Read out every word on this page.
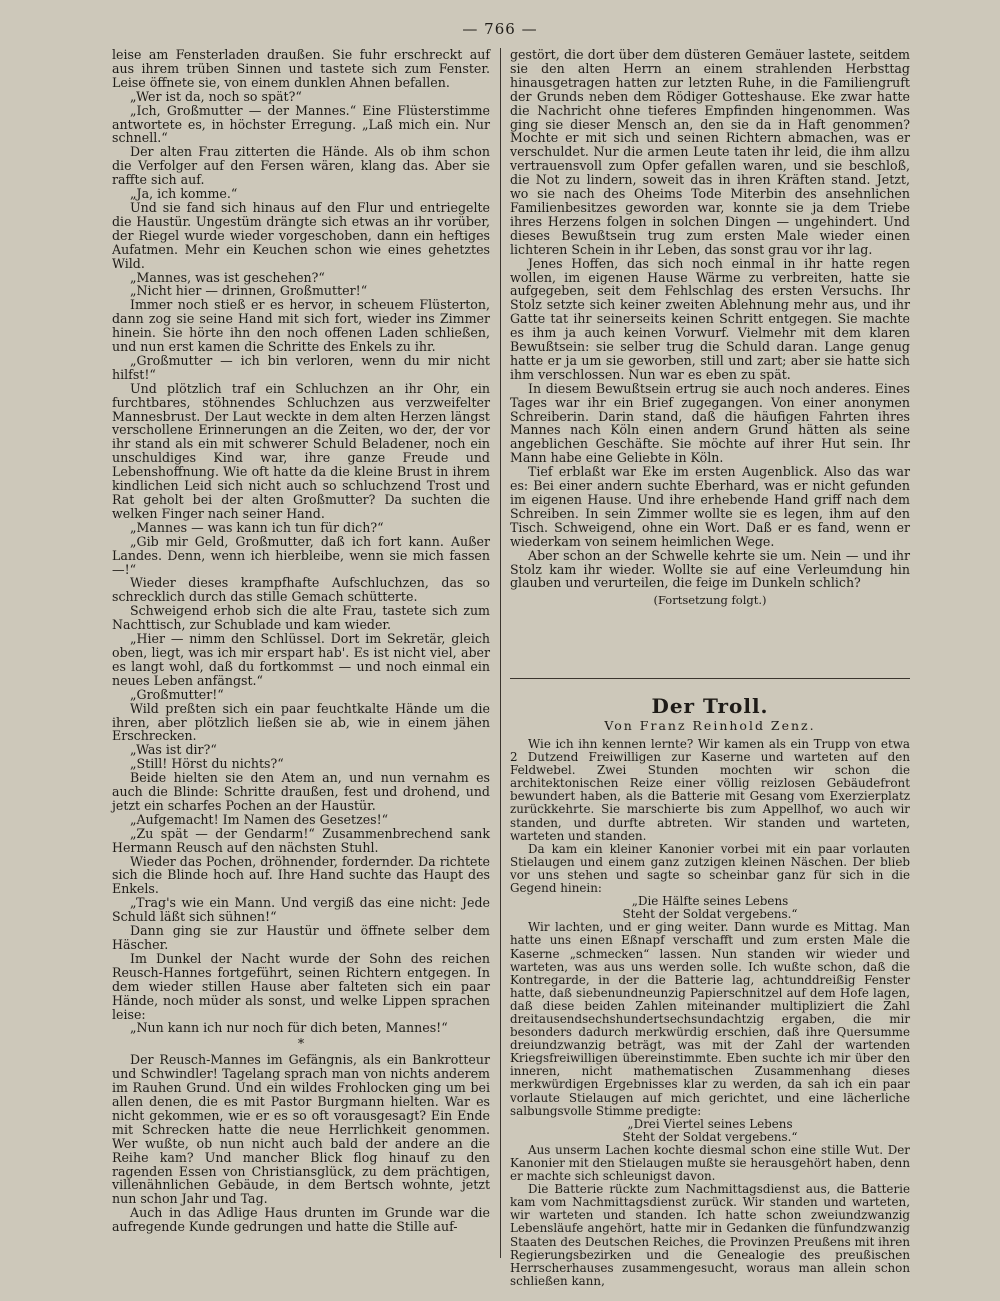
— 766 —

leise am Fensterladen draußen. Sie fuhr erschreckt auf aus ihrem trüben Sinnen und tastete sich zum Fenster. Leise öffnete sie, von einem dunklen Ahnen befallen.

„Wer ist da, noch so spät?“

„Ich, Großmutter — der Mannes.“ Eine Flüsterstimme antwortete es, in höchster Erregung. „Laß mich ein. Nur schnell.“

Der alten Frau zitterten die Hände. Als ob ihm schon die Verfolger auf den Fersen wären, klang das. Aber sie raffte sich auf.

„Ja, ich komme.“

Und sie fand sich hinaus auf den Flur und entriegelte die Haustür. Ungestüm drängte sich etwas an ihr vorüber, der Riegel wurde wieder vorgeschoben, dann ein heftiges Aufatmen. Mehr ein Keuchen schon wie eines gehetztes Wild.

„Mannes, was ist geschehen?“

„Nicht hier — drinnen, Großmutter!“

Immer noch stieß er es hervor, in scheuem Flüsterton, dann zog sie seine Hand mit sich fort, wieder ins Zimmer hinein. Sie hörte ihn den noch offenen Laden schließen, und nun erst kamen die Schritte des Enkels zu ihr.

„Großmutter — ich bin verloren, wenn du mir nicht hilfst!“

Und plötzlich traf ein Schluchzen an ihr Ohr, ein furchtbares, stöhnendes Schluchzen aus verzweifelter Mannesbrust. Der Laut weckte in dem alten Herzen längst verschollene Erinnerungen an die Zeiten, wo der, der vor ihr stand als ein mit schwerer Schuld Beladener, noch ein unschuldiges Kind war, ihre ganze Freude und Lebenshoffnung. Wie oft hatte da die kleine Brust in ihrem kindlichen Leid sich nicht auch so schluchzend Trost und Rat geholt bei der alten Großmutter? Da suchten die welken Finger nach seiner Hand.

„Mannes — was kann ich tun für dich?“

„Gib mir Geld, Großmutter, daß ich fort kann. Außer Landes. Denn, wenn ich hierbleibe, wenn sie mich fassen —!“

Wieder dieses krampfhafte Aufschluchzen, das so schrecklich durch das stille Gemach schütterte.

Schweigend erhob sich die alte Frau, tastete sich zum Nachttisch, zur Schublade und kam wieder.

„Hier — nimm den Schlüssel. Dort im Sekretär, gleich oben, liegt, was ich mir erspart hab'. Es ist nicht viel, aber es langt wohl, daß du fortkommst — und noch einmal ein neues Leben anfängst.“

„Großmutter!“

Wild preßten sich ein paar feuchtkalte Hände um die ihren, aber plötzlich ließen sie ab, wie in einem jähen Erschrecken.

„Was ist dir?“

„Still! Hörst du nichts?“

Beide hielten sie den Atem an, und nun vernahm es auch die Blinde: Schritte draußen, fest und drohend, und jetzt ein scharfes Pochen an der Haustür.

„Aufgemacht! Im Namen des Gesetzes!“

„Zu spät — der Gendarm!“ Zusammenbrechend sank Hermann Reusch auf den nächsten Stuhl.

Wieder das Pochen, dröhnender, fordernder. Da richtete sich die Blinde hoch auf. Ihre Hand suchte das Haupt des Enkels.

„Trag's wie ein Mann. Und vergiß das eine nicht: Jede Schuld läßt sich sühnen!“

Dann ging sie zur Haustür und öffnete selber dem Häscher.

Im Dunkel der Nacht wurde der Sohn des reichen Reusch-Hannes fortgeführt, seinen Richtern entgegen. In dem wieder stillen Hause aber falteten sich ein paar Hände, noch müder als sonst, und welke Lippen sprachen leise:

„Nun kann ich nur noch für dich beten, Mannes!“

*

Der Reusch-Mannes im Gefängnis, als ein Bankrotteur und Schwindler! Tagelang sprach man von nichts anderem im Rauhen Grund. Und ein wildes Frohlocken ging um bei allen denen, die es mit Pastor Burgmann hielten. War es nicht gekommen, wie er es so oft vorausgesagt? Ein Ende mit Schrecken hatte die neue Herrlichkeit genommen. Wer wußte, ob nun nicht auch bald der andere an die Reihe kam? Und mancher Blick flog hinauf zu den ragenden Essen von Christiansglück, zu dem prächtigen, villenähnlichen Gebäude, in dem Bertsch wohnte, jetzt nun schon Jahr und Tag.

Auch in das Adlige Haus drunten im Grunde war die aufregende Kunde gedrungen und hatte die Stille auf-

gestört, die dort über dem düsteren Gemäuer lastete, seitdem sie den alten Herrn an einem strahlenden Herbsttag hinausgetragen hatten zur letzten Ruhe, in die Familiengruft der Grunds neben dem Rödiger Gotteshause. Eke zwar hatte die Nachricht ohne tieferes Empfinden hingenommen. Was ging sie dieser Mensch an, den sie da in Haft genommen? Mochte er mit sich und seinen Richtern abmachen, was er verschuldet. Nur die armen Leute taten ihr leid, die ihm allzu vertrauensvoll zum Opfer gefallen waren, und sie beschloß, die Not zu lindern, soweit das in ihren Kräften stand. Jetzt, wo sie nach des Oheims Tode Miterbin des ansehnlichen Familienbesitzes geworden war, konnte sie ja dem Triebe ihres Herzens folgen in solchen Dingen — ungehindert. Und dieses Bewußtsein trug zum ersten Male wieder einen lichteren Schein in ihr Leben, das sonst grau vor ihr lag.

Jenes Hoffen, das sich noch einmal in ihr hatte regen wollen, im eigenen Hause Wärme zu verbreiten, hatte sie aufgegeben, seit dem Fehlschlag des ersten Versuchs. Ihr Stolz setzte sich keiner zweiten Ablehnung mehr aus, und ihr Gatte tat ihr seinerseits keinen Schritt entgegen. Sie machte es ihm ja auch keinen Vorwurf. Vielmehr mit dem klaren Bewußtsein: sie selber trug die Schuld daran. Lange genug hatte er ja um sie geworben, still und zart; aber sie hatte sich ihm verschlossen. Nun war es eben zu spät.

In diesem Bewußtsein ertrug sie auch noch anderes. Eines Tages war ihr ein Brief zugegangen. Von einer anonymen Schreiberin. Darin stand, daß die häufigen Fahrten ihres Mannes nach Köln einen andern Grund hätten als seine angeblichen Geschäfte. Sie möchte auf ihrer Hut sein. Ihr Mann habe eine Geliebte in Köln.

Tief erblaßt war Eke im ersten Augenblick. Also das war es: Bei einer andern suchte Eberhard, was er nicht gefunden im eigenen Hause. Und ihre erhebende Hand griff nach dem Schreiben. In sein Zimmer wollte sie es legen, ihm auf den Tisch. Schweigend, ohne ein Wort. Daß er es fand, wenn er wiederkam von seinem heimlichen Wege.

Aber schon an der Schwelle kehrte sie um. Nein — und ihr Stolz kam ihr wieder. Wollte sie auf eine Verleumdung hin glauben und verurteilen, die feige im Dunkeln schlich?

(Fortsetzung folgt.)

Der Troll.
Von Franz Reinhold Zenz.

Wie ich ihn kennen lernte? Wir kamen als ein Trupp von etwa 2 Dutzend Freiwilligen zur Kaserne und warteten auf den Feldwebel. Zwei Stunden mochten wir schon die architektonischen Reize einer völlig reizlosen Gebäudefront bewundert haben, als die Batterie mit Gesang vom Exerzierplatz zurückkehrte. Sie marschierte bis zum Appellhof, wo auch wir standen, und durfte abtreten. Wir standen und warteten, warteten und standen.

Da kam ein kleiner Kanonier vorbei mit ein paar vorlauten Stielaugen und einem ganz zutzigen kleinen Näschen. Der blieb vor uns stehen und sagte so scheinbar ganz für sich in die Gegend hinein:

„Die Hälfte seines Lebens

Steht der Soldat vergebens.“

Wir lachten, und er ging weiter. Dann wurde es Mittag. Man hatte uns einen Eßnapf verschafft und zum ersten Male die Kaserne „schmecken“ lassen. Nun standen wir wieder und warteten, was aus uns werden solle. Ich wußte schon, daß die Kontregarde, in der die Batterie lag, achtunddreißig Fenster hatte, daß siebenundneunzig Papierschnitzel auf dem Hofe lagen, daß diese beiden Zahlen miteinander multipliziert die Zahl dreitausendsechshundertsechsundachtzig ergaben, die mir besonders dadurch merkwürdig erschien, daß ihre Quersumme dreiundzwanzig beträgt, was mit der Zahl der wartenden Kriegsfreiwilligen übereinstimmte. Eben suchte ich mir über den inneren, nicht mathematischen Zusammenhang dieses merkwürdigen Ergebnisses klar zu werden, da sah ich ein paar vorlaute Stielaugen auf mich gerichtet, und eine lächerliche salbungsvolle Stimme predigte:

„Drei Viertel seines Lebens

Steht der Soldat vergebens.“

Aus unserm Lachen kochte diesmal schon eine stille Wut. Der Kanonier mit den Stielaugen mußte sie herausgehört haben, denn er machte sich schleunigst davon.

Die Batterie rückte zum Nachmittagsdienst aus, die Batterie kam vom Nachmittagsdienst zurück. Wir standen und warteten, wir warteten und standen. Ich hatte schon zweiundzwanzig Lebensläufe angehört, hatte mir in Gedanken die fünfundzwanzig Staaten des Deutschen Reiches, die Provinzen Preußens mit ihren Regierungsbezirken und die Genealogie des preußischen Herrscherhauses zusammengesucht, woraus man allein schon schließen kann,
